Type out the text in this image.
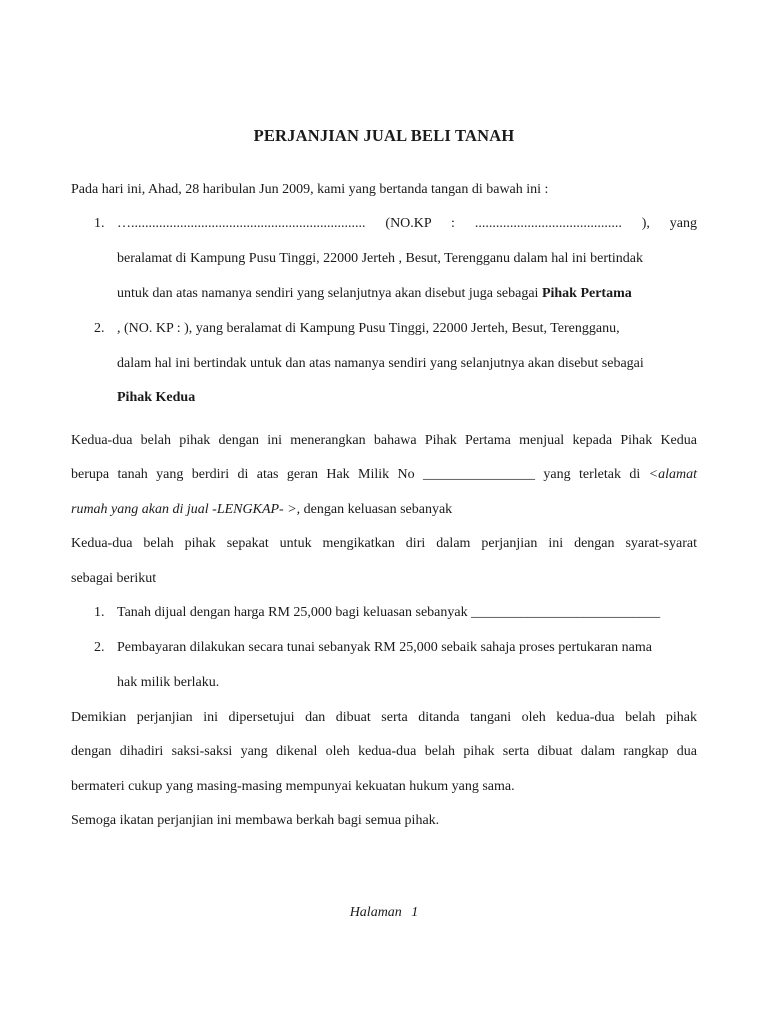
PERJANJIAN JUAL BELI TANAH
Pada hari ini, Ahad, 28 haribulan Jun 2009, kami yang bertanda tangan di bawah ini :
1. …................................................................... (NO.KP : .......................................... ), yang
beralamat di Kampung Pusu Tinggi, 22000 Jerteh , Besut, Terengganu dalam hal ini bertindak
untuk dan atas namanya sendiri yang selanjutnya akan disebut juga sebagai Pihak Pertama
2. , (NO. KP : ), yang beralamat di Kampung Pusu Tinggi, 22000 Jerteh, Besut, Terengganu,
dalam hal ini bertindak untuk dan atas namanya sendiri yang selanjutnya akan disebut sebagai
Pihak Kedua
Kedua-dua belah pihak dengan ini menerangkan bahawa Pihak Pertama menjual kepada Pihak Kedua
berupa tanah yang berdiri di atas geran Hak Milik No ________________ yang terletak di <alamat
rumah yang akan di jual -LENGKAP- >, dengan keluasan sebanyak
Kedua-dua belah pihak sepakat untuk mengikatkan diri dalam perjanjian ini dengan syarat-syarat
sebagai berikut
1. Tanah dijual dengan harga RM 25,000 bagi keluasan sebanyak ___________________________
2. Pembayaran dilakukan secara tunai sebanyak RM 25,000 sebaik sahaja proses pertukaran nama
hak milik berlaku.
Demikian perjanjian ini dipersetujui dan dibuat serta ditanda tangani oleh kedua-dua belah pihak
dengan dihadiri saksi-saksi yang dikenal oleh kedua-dua belah pihak serta dibuat dalam rangkap dua
bermateri cukup yang masing-masing mempunyai kekuatan hukum yang sama.
Semoga ikatan perjanjian ini membawa berkah bagi semua pihak.
Halaman 1
